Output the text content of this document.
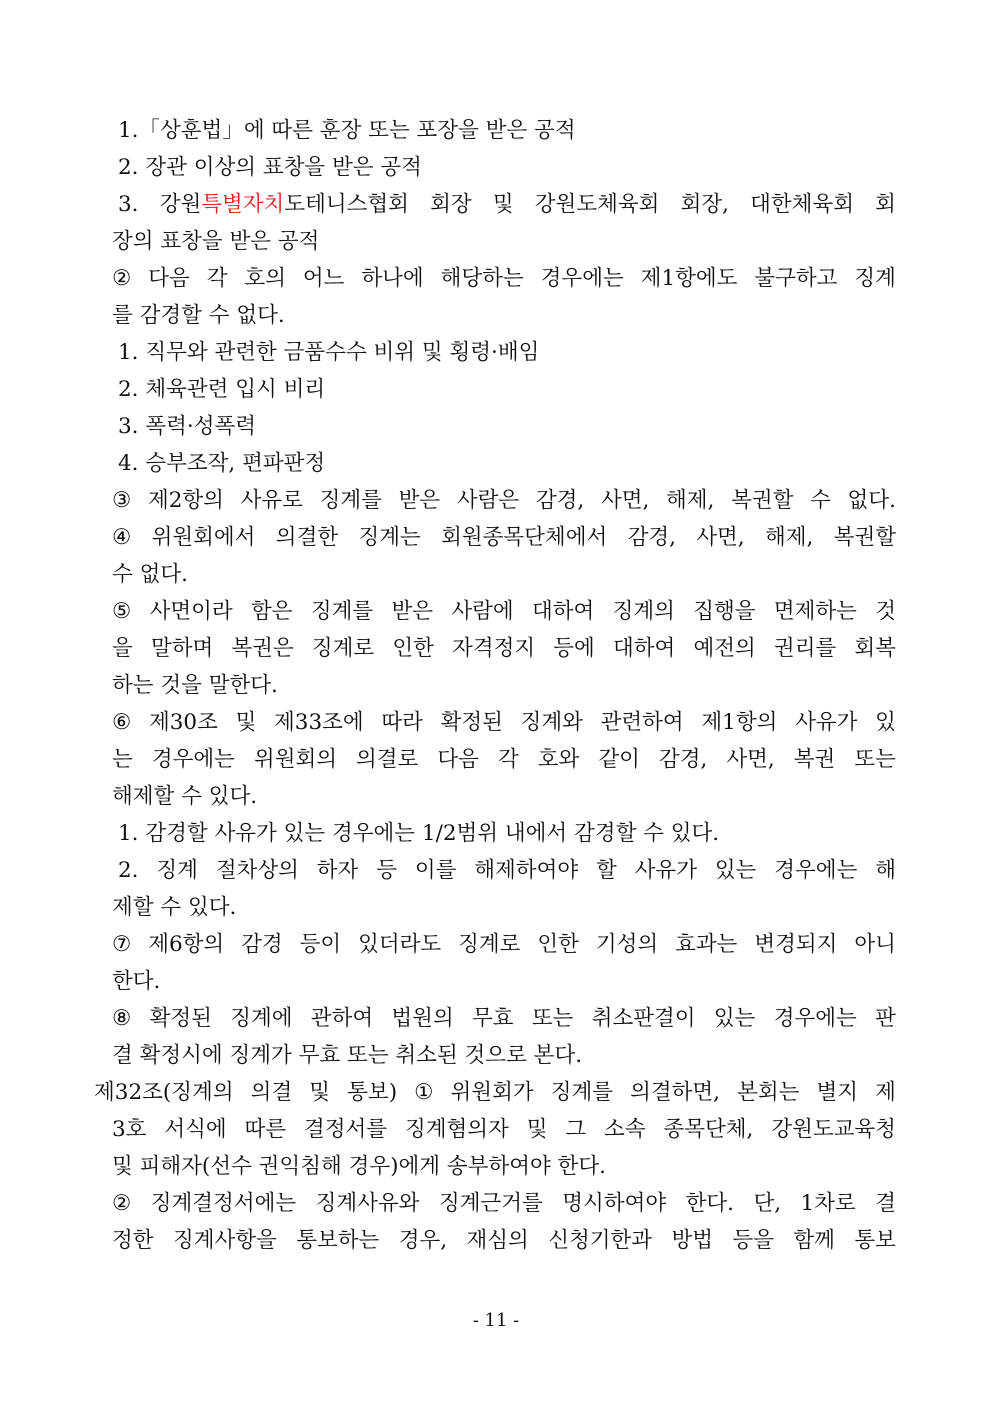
1.「상훈법」에 따른 훈장 또는 포장을 받은 공적
2. 장관 이상의 표창을 받은 공적
3. 강원특별자치도테니스협회 회장 및 강원도체육회 회장, 대한체육회 회
장의 표창을 받은 공적
② 다음 각 호의 어느 하나에 해당하는 경우에는 제1항에도 불구하고 징계
를 감경할 수 없다.
1. 직무와 관련한 금품수수 비위 및 횡령·배임
2. 체육관련 입시 비리
3. 폭력·성폭력
4. 승부조작, 편파판정
③ 제2항의 사유로 징계를 받은 사람은 감경, 사면, 해제, 복권할 수 없다.
④ 위원회에서 의결한 징계는 회원종목단체에서 감경, 사면, 해제, 복권할
수 없다.
⑤ 사면이라 함은 징계를 받은 사람에 대하여 징계의 집행을 면제하는 것
을 말하며 복권은 징계로 인한 자격정지 등에 대하여 예전의 권리를 회복
하는 것을 말한다.
⑥ 제30조 및 제33조에 따라 확정된 징계와 관련하여 제1항의 사유가 있
는 경우에는 위원회의 의결로 다음 각 호와 같이 감경, 사면, 복권 또는
해제할 수 있다.
1. 감경할 사유가 있는 경우에는 1/2범위 내에서 감경할 수 있다.
2. 징계 절차상의 하자 등 이를 해제하여야 할 사유가 있는 경우에는 해
제할 수 있다.
⑦ 제6항의 감경 등이 있더라도 징계로 인한 기성의 효과는 변경되지 아니
한다.
⑧ 확정된 징계에 관하여 법원의 무효 또는 취소판결이 있는 경우에는 판
결 확정시에 징계가 무효 또는 취소된 것으로 본다.
제32조(징계의 의결 및 통보) ① 위원회가 징계를 의결하면, 본회는 별지 제
3호 서식에 따른 결정서를 징계혐의자 및 그 소속 종목단체, 강원도교육청
및 피해자(선수 권익침해 경우)에게 송부하여야 한다.
② 징계결정서에는 징계사유와 징계근거를 명시하여야 한다. 단, 1차로 결
정한 징계사항을 통보하는 경우, 재심의 신청기한과 방법 등을 함께 통보
- 11 -
